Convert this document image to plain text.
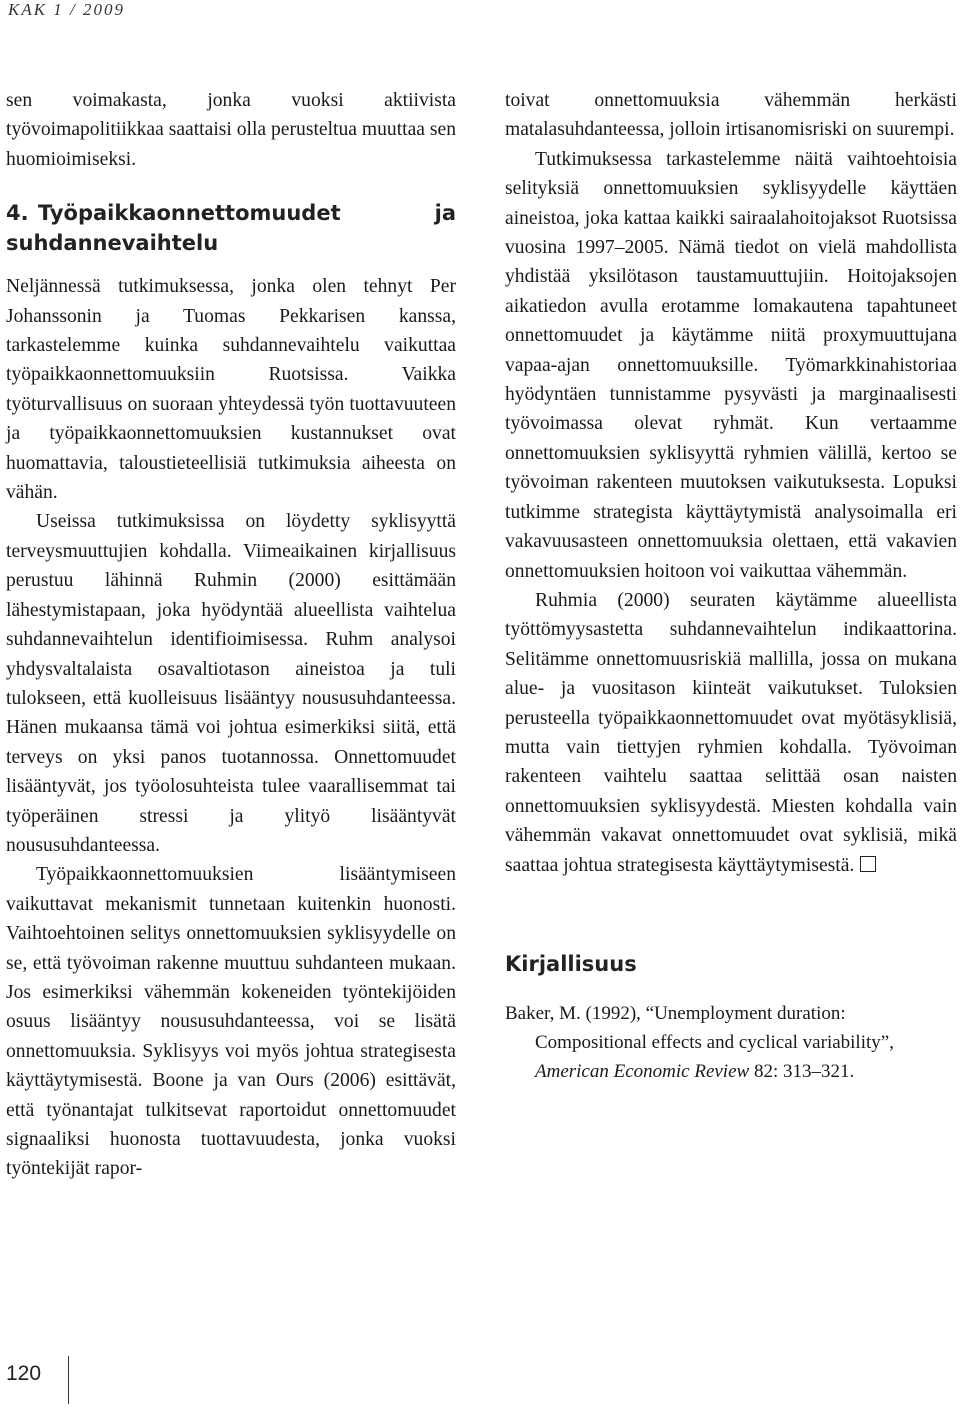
KAK 1 / 2009

sen voimakasta, jonka vuoksi aktiivista työvoimapolitiikkaa saattaisi olla perusteltua muuttaa sen huomioimiseksi.

4. Työpaikkaonnettomuudet ja suhdannevaihtelu

Neljännessä tutkimuksessa, jonka olen tehnyt Per Johanssonin ja Tuomas Pekkarisen kanssa, tarkastelemme kuinka suhdannevaihtelu vaikuttaa työpaikkaonnettomuuksiin Ruotsissa. Vaikka työturvallisuus on suoraan yhteydessä työn tuottavuuteen ja työpaikkaonnettomuuksien kustannukset ovat huomattavia, taloustieteellisiä tutkimuksia aiheesta on vähän.

Useissa tutkimuksissa on löydetty syklisyyttä terveysmuuttujien kohdalla. Viimeaikainen kirjallisuus perustuu lähinnä Ruhmin (2000) esittämään lähestymistapaan, joka hyödyntää alueellista vaihtelua suhdannevaihtelun identifioimisessa. Ruhm analysoi yhdysvaltalaista osavaltiotason aineistoa ja tuli tulokseen, että kuolleisuus lisääntyy noususuhdanteessa. Hänen mukaansa tämä voi johtua esimerkiksi siitä, että terveys on yksi panos tuotannossa. Onnettomuudet lisääntyvät, jos työolosuhteista tulee vaarallisemmat tai työperäinen stressi ja ylityö lisääntyvät noususuhdanteessa.

Työpaikkaonnettomuuksien lisääntymiseen vaikuttavat mekanismit tunnetaan kuitenkin huonosti. Vaihtoehtoinen selitys onnettomuuksien syklisyydelle on se, että työvoiman rakenne muuttuu suhdanteen mukaan. Jos esimerkiksi vähemmän kokeneiden työntekijöiden osuus lisääntyy noususuhdanteessa, voi se lisätä onnettomuuksia. Syklisyys voi myös johtua strategisesta käyttäytymisestä. Boone ja van Ours (2006) esittävät, että työnantajat tulkitsevat raportoidut onnettomuudet signaaliksi huonosta tuottavuudesta, jonka vuoksi työntekijät rapor-

toivat onnettomuuksia vähemmän herkästi matalasuhdanteessa, jolloin irtisanomisriski on suurempi.

Tutkimuksessa tarkastelemme näitä vaihtoehtoisia selityksiä onnettomuuksien syklisyydelle käyttäen aineistoa, joka kattaa kaikki sairaalahoitojaksot Ruotsissa vuosina 1997–2005. Nämä tiedot on vielä mahdollista yhdistää yksilötason taustamuuttujiin. Hoitojaksojen aikatiedon avulla erotamme lomakautena tapahtuneet onnettomuudet ja käytämme niitä proxymuuttujana vapaa-ajan onnettomuuksille. Työmarkkinahistoriaa hyödyntäen tunnistamme pysyvästi ja marginaalisesti työvoimassa olevat ryhmät. Kun vertaamme onnettomuuksien syklisyyttä ryhmien välillä, kertoo se työvoiman rakenteen muutoksen vaikutuksesta. Lopuksi tutkimme strategista käyttäytymistä analysoimalla eri vakavuusasteen onnettomuuksia olettaen, että vakavien onnettomuuksien hoitoon voi vaikuttaa vähemmän.

Ruhmia (2000) seuraten käytämme alueellista työttömyysastetta suhdannevaihtelun indikaattorina. Selitämme onnettomuusriskiä mallilla, jossa on mukana alue- ja vuositason kiinteät vaikutukset. Tuloksien perusteella työpaikkaonnettomuudet ovat myötäsyklisiä, mutta vain tiettyjen ryhmien kohdalla. Työvoiman rakenteen vaihtelu saattaa selittää osan naisten onnettomuuksien syklisyydestä. Miesten kohdalla vain vähemmän vakavat onnettomuudet ovat syklisiä, mikä saattaa johtua strategisesta käyttäytymisestä.

Kirjallisuus

Baker, M. (1992), “Unemployment duration: Compositional effects and cyclical variability”, American Economic Review 82: 313–321.

120
